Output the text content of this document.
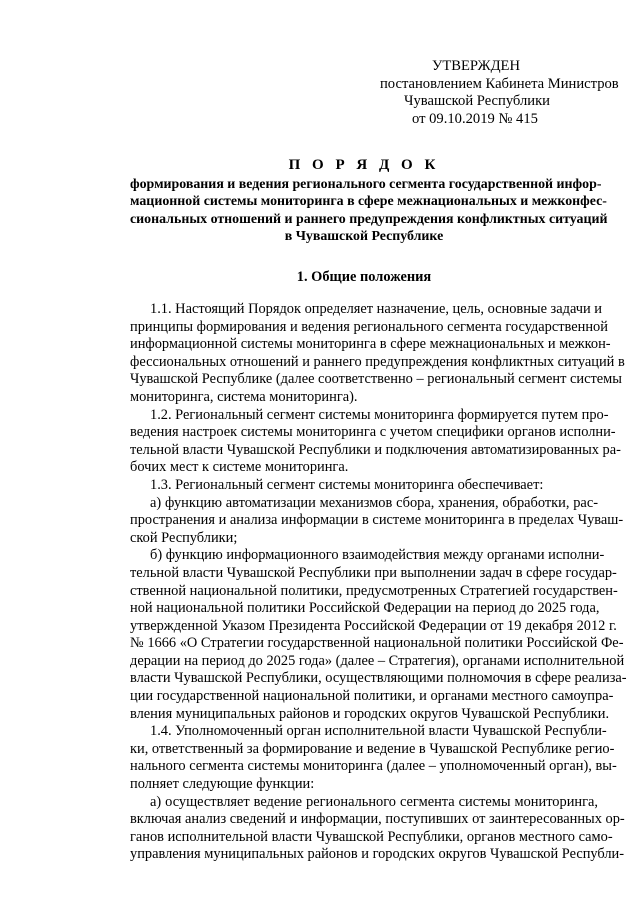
УТВЕРЖДЕН
постановлением Кабинета Министров
Чувашской Республики
от 09.10.2019 № 415
П О Р Я Д О К
формирования и ведения регионального сегмента государственной инфор-
мационной системы мониторинга в сфере межнациональных и межконфес-
сиональных отношений и раннего предупреждения конфликтных ситуаций
в Чувашской Республике
1. Общие положения
1.1. Настоящий Порядок определяет назначение, цель, основные задачи и
принципы формирования и ведения регионального сегмента государственной
информационной системы мониторинга в сфере межнациональных и межкон-
фессиональных отношений и раннего предупреждения конфликтных ситуаций в
Чувашской Республике (далее соответственно – региональный сегмент системы
мониторинга, система мониторинга).
1.2. Региональный сегмент системы мониторинга формируется путем про-
ведения настроек системы мониторинга с учетом специфики органов исполни-
тельной власти Чувашской Республики и подключения автоматизированных ра-
бочих мест к системе мониторинга.
1.3. Региональный сегмент системы мониторинга обеспечивает:
а) функцию автоматизации механизмов сбора, хранения, обработки, рас-
пространения и анализа информации в системе мониторинга в пределах Чуваш-
ской Республики;
б) функцию информационного взаимодействия между органами исполни-
тельной власти Чувашской Республики при выполнении задач в сфере государ-
ственной национальной политики, предусмотренных Стратегией государствен-
ной национальной политики Российской Федерации на период до 2025 года,
утвержденной Указом Президента Российской Федерации от 19 декабря 2012 г.
№ 1666 «О Стратегии государственной национальной политики Российской Фе-
дерации на период до 2025 года» (далее – Стратегия), органами исполнительной
власти Чувашской Республики, осуществляющими полномочия в сфере реализа-
ции государственной национальной политики, и органами местного самоупра-
вления муниципальных районов и городских округов Чувашской Республики.
1.4. Уполномоченный орган исполнительной власти Чувашской Республи-
ки, ответственный за формирование и ведение в Чувашской Республике регио-
нального сегмента системы мониторинга (далее – уполномоченный орган), вы-
полняет следующие функции:
а) осуществляет ведение регионального сегмента системы мониторинга,
включая анализ сведений и информации, поступивших от заинтересованных ор-
ганов исполнительной власти Чувашской Республики, органов местного само-
управления муниципальных районов и городских округов Чувашской Республи-
